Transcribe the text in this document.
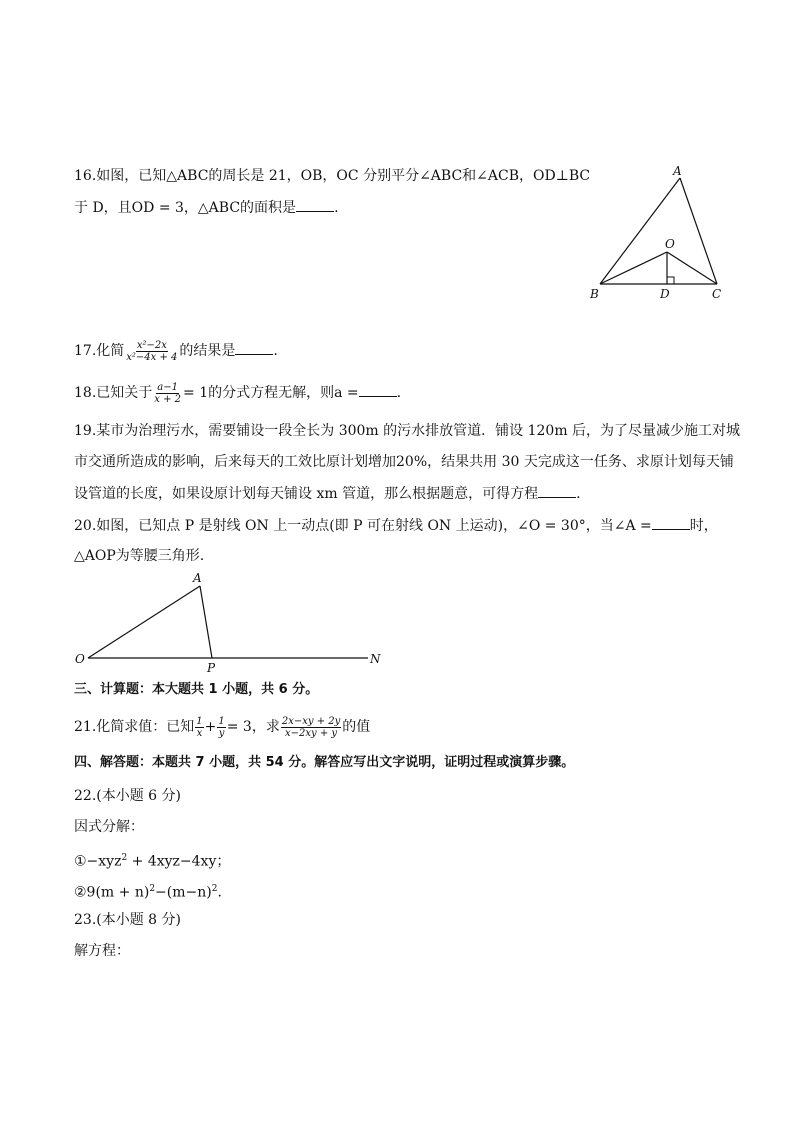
16.如图，已知△ABC的周长是 21，OB，OC 分别平分∠ABC和∠ACB，OD⊥BC
于 D，且OD = 3，△ABC的面积是	.
A
O
B	D	C
17.化简 $\frac{\text{x²−2x}}{\text{x²−4x + 4}}$ 的结果是	.
18.已知关于 $\frac{a-1}{x + 2} = 1$的分式方程无解，则a =	.
19.某市为治理污水，需要铺设一段全长为 300m 的污水排放管道．铺设 120m 后，为了尽量减少施工对城
市交通所造成的影响，后来每天的工效比原计划增加20%，结果共用 30 天完成这一任务、求原计划每天铺
设管道的长度，如果设原计划每天铺设 xm 管道，那么根据题意，可得方程	.
20.如图，已知点 P 是射线 ON 上一动点(即 P 可在射线 ON 上运动)，∠O = 30°，当∠A =	时，
△AOP为等腰三角形.
A
O
P
N
三、计算题：本大题共 1 小题，共 6 分。
21.化简求值：已知 $\frac{1}{x} + \frac{1}{y} = 3$，求 $\frac{2x-xy + 2y}{x-2xy + y}$ 的值
四、解答题：本题共 7 小题，共 54 分。解答应写出文字说明，证明过程或演算步骤。
22.(本小题 6 分)
因式分解：
①−xyz$^2$ + 4xyz−4xy；
②9(m + $n)^2-(m-n)^2$.
23.(本小题 8 分)
解方程：
